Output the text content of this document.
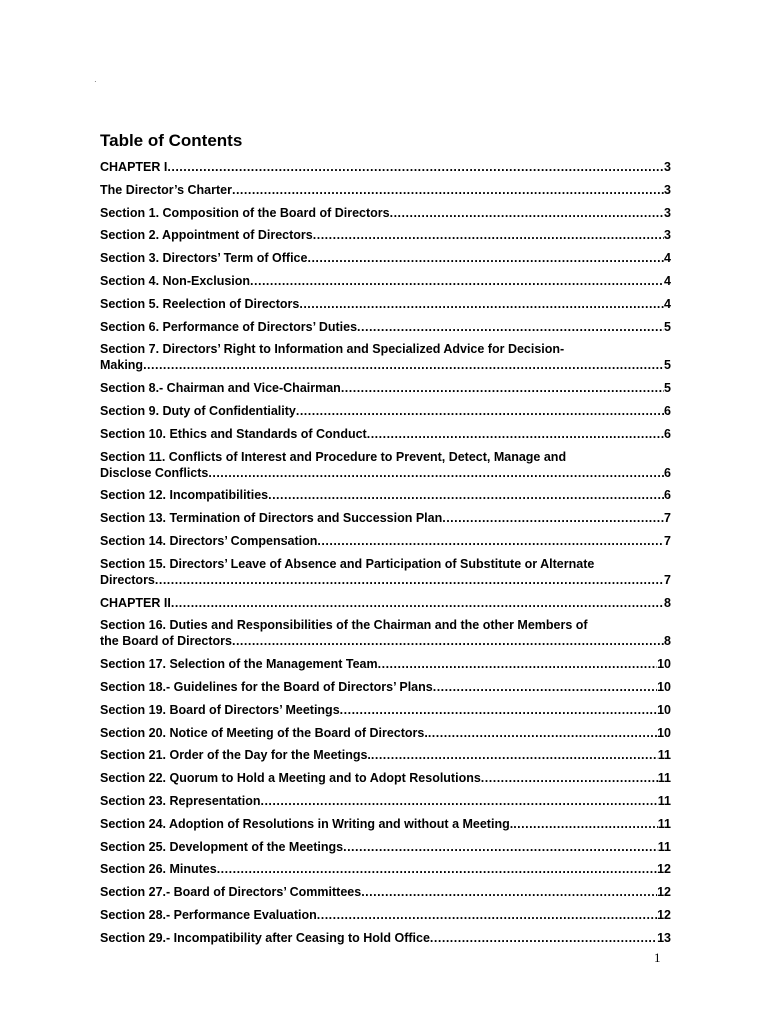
·
Table of Contents
CHAPTER I .....	3
The Director’s Charter .....	3
Section 1. Composition of the Board of Directors .....	3
Section 2. Appointment of Directors .....	3
Section 3. Directors’ Term of Office .....	4
Section 4. Non-Exclusion .....	4
Section 5. Reelection of Directors .....	4
Section 6. Performance of Directors’ Duties .....	5
Section 7. Directors’ Right to Information and Specialized Advice for Decision-
Making .....	5
Section 8.- Chairman and Vice-Chairman .....	5
Section 9. Duty of Confidentiality .....	6
Section 10. Ethics and Standards of Conduct .....	6
Section 11. Conflicts of Interest and Procedure to Prevent, Detect, Manage and
Disclose Conflicts .....	6
Section 12. Incompatibilities .....	6
Section 13. Termination of Directors and Succession Plan .....	7
Section 14. Directors’ Compensation .....	7
Section 15. Directors’ Leave of Absence and Participation of Substitute or Alternate
Directors .....	7
CHAPTER II .....	8
Section 16. Duties and Responsibilities of the Chairman and the other Members of
the Board of Directors .....	8
Section 17. Selection of the Management Team .....	10
Section 18.- Guidelines for the Board of Directors’ Plans .....	10
Section 19. Board of Directors’ Meetings .....	10
Section 20. Notice of Meeting of the Board of Directors. .....	10
Section 21. Order of the Day for the Meetings. .....	11
Section 22. Quorum to Hold a Meeting and to Adopt Resolutions .....	11
Section 23. Representation .....	11
Section 24. Adoption of Resolutions in Writing and without a Meeting. .....	11
Section 25. Development of the Meetings .....	11
Section 26. Minutes .....	12
Section 27.- Board of Directors’ Committees .....	12
Section 28.- Performance Evaluation .....	12
Section 29.- Incompatibility after Ceasing to Hold Office .....	13
1
